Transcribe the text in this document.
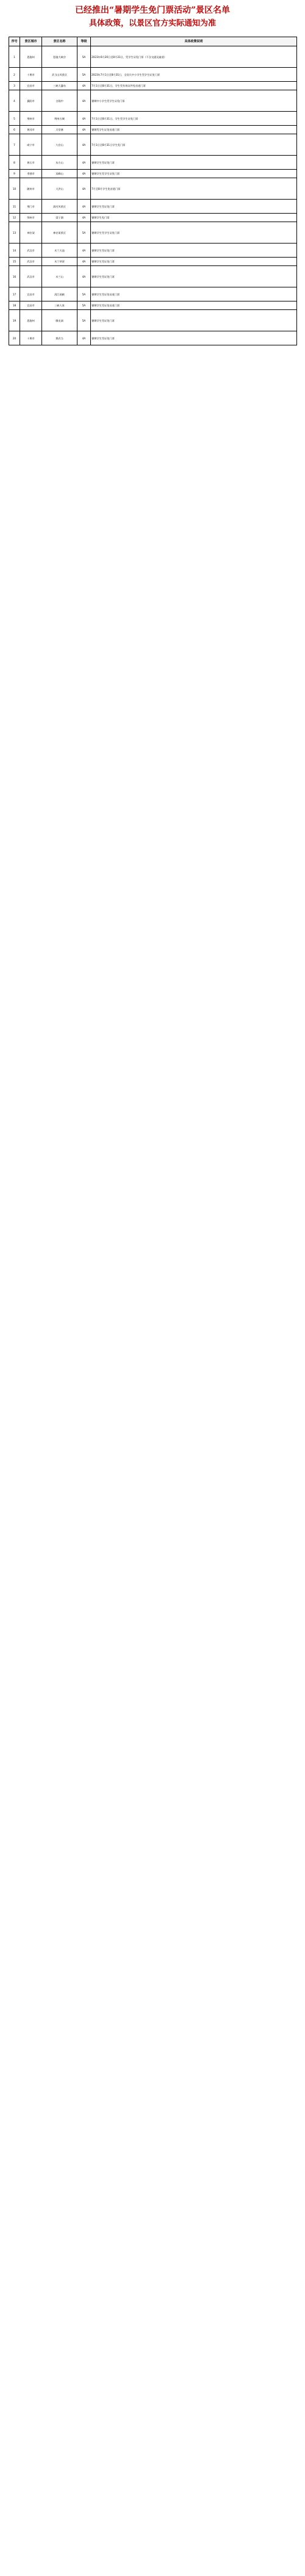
已经推出“暑期学生免门票活动”景区名单
具体政策，以景区官方实际通知为准
序号	景区城市	景区名称	等级	具体政策说明
1	恩施州	恩施大峡谷	5A	2023年6月20日至8月31日，凭学生证免门票（不含交通及索道）
2	十堰市	武当山风景区	5A	2023年7月1日至8月31日，全国大中小学生凭学生证免门票
3	宜昌市	三峡大瀑布	4A	7月1日至8月31日，学生凭有效证件免首道门票
4	襄阳市	古隆中	4A	暑期中小学生凭学生证免门票
5	荆州市	荆州古城	4A	7月1日至8月31日，学生凭学生证免门票
6	黄冈市	天堂寨	4A	暑期凭学生证免首道门票
7	咸宁市	九宫山	4A	7月1日至8月31日学生免门票
8	黄石市	东方山	4A	暑期学生凭证免门票
9	孝感市	双峰山	4A	暑期学生凭学生证免门票
10	随州市	大洪山	4A	7月至8月学生免首道门票
11	荆门市	漳河风景区	4A	暑期学生凭证免门票
12	鄂州市	梁子湖	4A	暑期学生免门票
13	神农架	神农架景区	5A	暑期学生凭学生证免门票
14	武汉市	木兰天池	4A	暑期学生凭证免门票
15	武汉市	木兰草原	4A	暑期学生凭证免门票
16	武汉市	木兰山	4A	暑期学生凭证免门票
17	宜昌市	清江画廊	5A	暑期学生凭证免首道门票
18	宜昌市	三峡人家	5A	暑期学生凭证免首道门票
19	恩施州	腾龙洞	5A	暑期学生凭证免门票
20	十堰市	赛武当	4A	暑期学生凭证免门票
